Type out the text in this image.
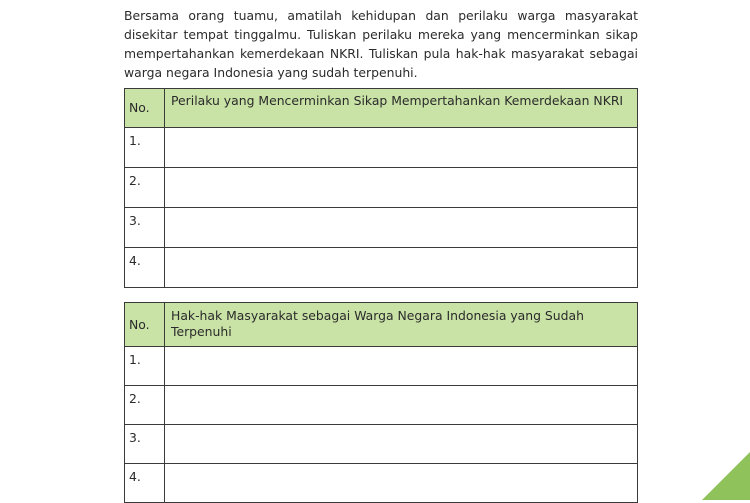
Bersama orang tuamu, amatilah kehidupan dan perilaku warga masyarakat disekitar tempat tinggalmu. Tuliskan perilaku mereka yang mencerminkan sikap mempertahankan kemerdekaan NKRI. Tuliskan pula hak-hak masyarakat sebagai warga negara Indonesia yang sudah terpenuhi.

No.	Perilaku yang Mencerminkan Sikap Mempertahankan Kemerdekaan NKRI
1.	
2.	
3.	
4.	
No.	Hak-hak Masyarakat sebagai Warga Negara Indonesia yang Sudah Terpenuhi
1.	
2.	
3.	
4.	
